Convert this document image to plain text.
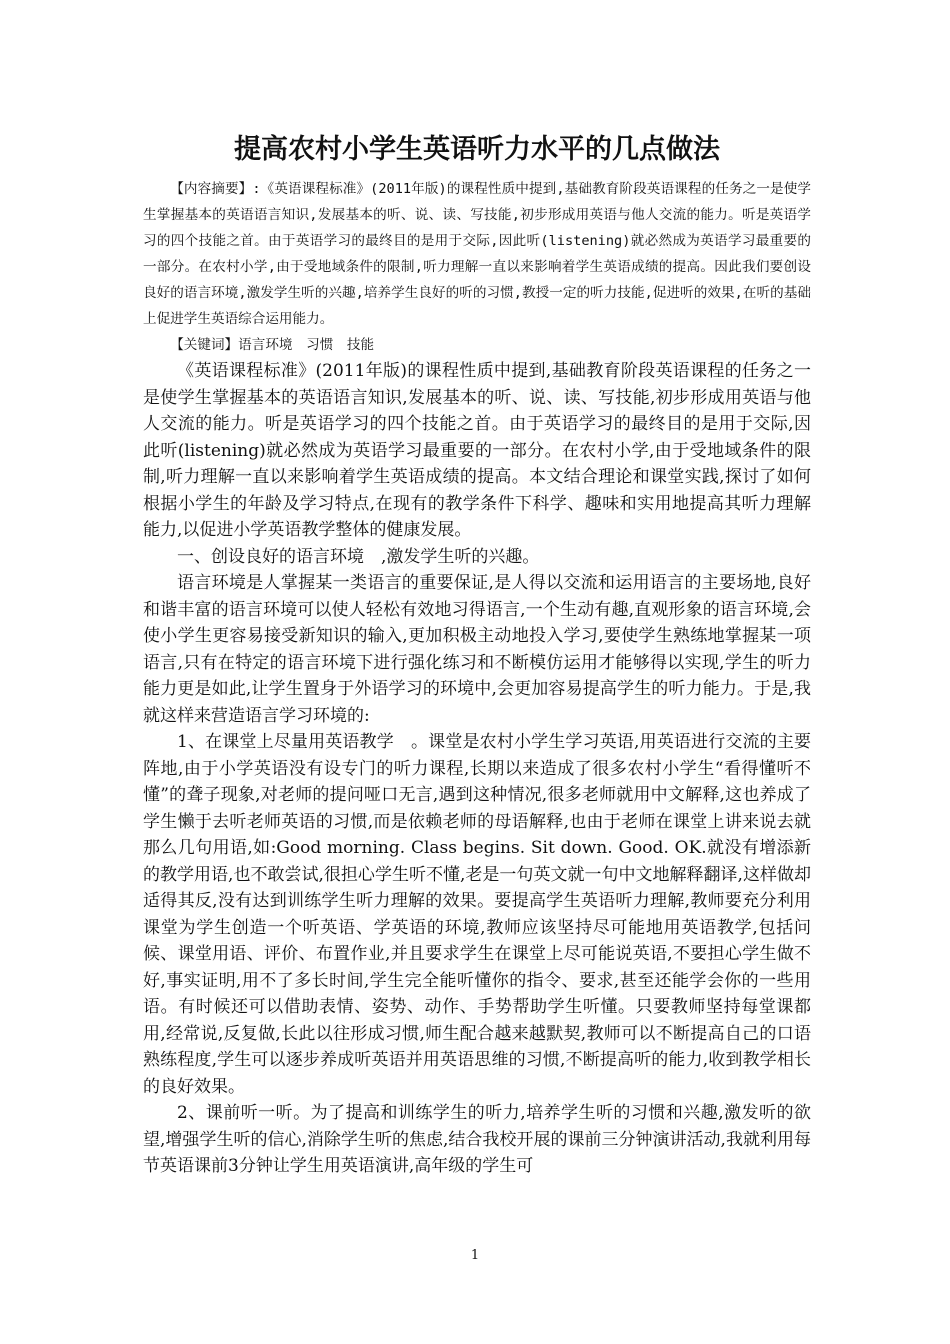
提高农村小学生英语听力水平的几点做法

【内容摘要】:《英语课程标准》(2011年版)的课程性质中提到,基础教育阶段英语课程的任务之一是使学生掌握基本的英语语言知识,发展基本的听、说、读、写技能,初步形成用英语与他人交流的能力。听是英语学习的四个技能之首。由于英语学习的最终目的是用于交际,因此听(listening)就必然成为英语学习最重要的一部分。在农村小学,由于受地域条件的限制,听力理解一直以来影响着学生英语成绩的提高。因此我们要创设良好的语言环境,激发学生听的兴趣,培养学生良好的听的习惯,教授一定的听力技能,促进听的效果,在听的基础上促进学生英语综合运用能力。

【关键词】语言环境　习惯　技能

《英语课程标准》(2011年版)的课程性质中提到,基础教育阶段英语课程的任务之一是使学生掌握基本的英语语言知识,发展基本的听、说、读、写技能,初步形成用英语与他人交流的能力。听是英语学习的四个技能之首。由于英语学习的最终目的是用于交际,因此听(listening)就必然成为英语学习最重要的一部分。在农村小学,由于受地域条件的限制,听力理解一直以来影响着学生英语成绩的提高。本文结合理论和课堂实践,探讨了如何根据小学生的年龄及学习特点,在现有的教学条件下科学、趣味和实用地提高其听力理解能力,以促进小学英语教学整体的健康发展。

一、创设良好的语言环境　,激发学生听的兴趣。

语言环境是人掌握某一类语言的重要保证,是人得以交流和运用语言的主要场地,良好和谐丰富的语言环境可以使人轻松有效地习得语言,一个生动有趣,直观形象的语言环境,会使小学生更容易接受新知识的输入,更加积极主动地投入学习,要使学生熟练地掌握某一项语言,只有在特定的语言环境下进行强化练习和不断模仿运用才能够得以实现,学生的听力能力更是如此,让学生置身于外语学习的环境中,会更加容易提高学生的听力能力。于是,我就这样来营造语言学习环境的:

1、在课堂上尽量用英语教学　。课堂是农村小学生学习英语,用英语进行交流的主要阵地,由于小学英语没有设专门的听力课程,长期以来造成了很多农村小学生“看得懂听不懂”的聋子现象,对老师的提问哑口无言,遇到这种情况,很多老师就用中文解释,这也养成了学生懒于去听老师英语的习惯,而是依赖老师的母语解释,也由于老师在课堂上讲来说去就那么几句用语,如:Good morning. Class begins. Sit down. Good. OK.就没有增添新的教学用语,也不敢尝试,很担心学生听不懂,老是一句英文就一句中文地解释翻译,这样做却适得其反,没有达到训练学生听力理解的效果。要提高学生英语听力理解,教师要充分利用课堂为学生创造一个听英语、学英语的环境,教师应该坚持尽可能地用英语教学,包括问候、课堂用语、评价、布置作业,并且要求学生在课堂上尽可能说英语,不要担心学生做不好,事实证明,用不了多长时间,学生完全能听懂你的指令、要求,甚至还能学会你的一些用语。有时候还可以借助表情、姿势、动作、手势帮助学生听懂。只要教师坚持每堂课都用,经常说,反复做,长此以往形成习惯,师生配合越来越默契,教师可以不断提高自己的口语熟练程度,学生可以逐步养成听英语并用英语思维的习惯,不断提高听的能力,收到教学相长的良好效果。

2、课前听一听。为了提高和训练学生的听力,培养学生听的习惯和兴趣,激发听的欲望,增强学生听的信心,消除学生听的焦虑,结合我校开展的课前三分钟演讲活动,我就利用每节英语课前3分钟让学生用英语演讲,高年级的学生可

1
